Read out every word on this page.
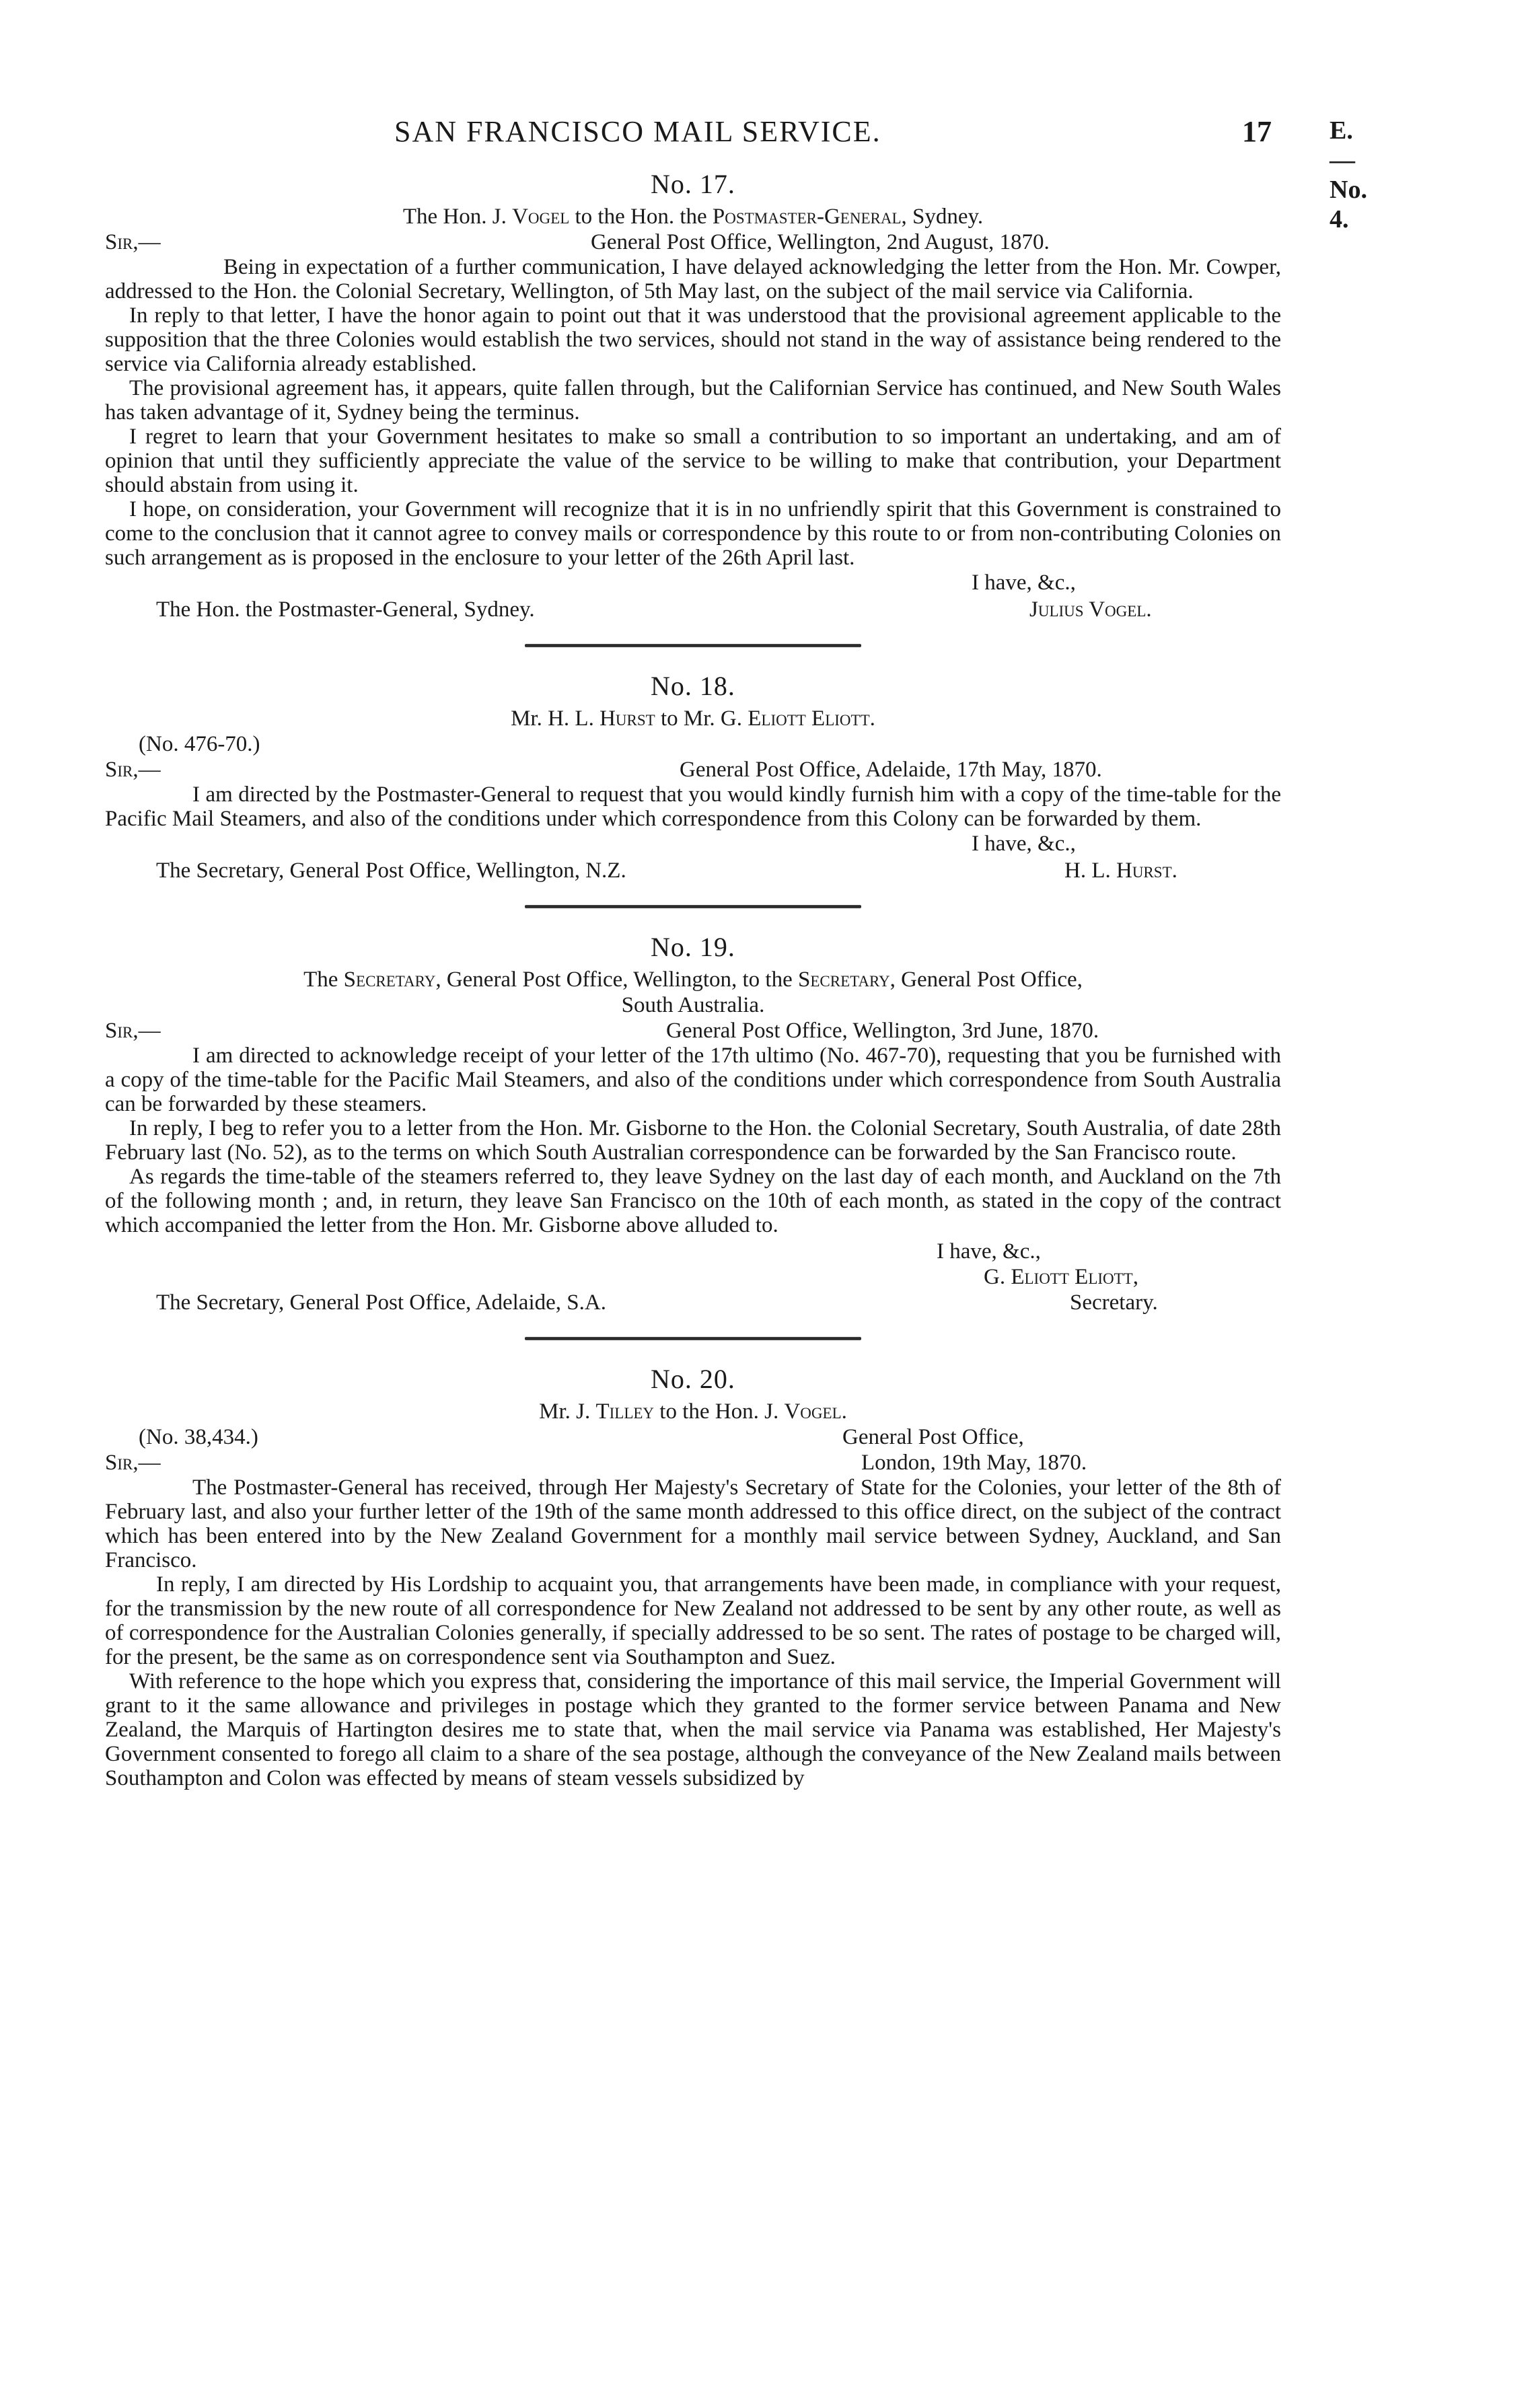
SAN FRANCISCO MAIL SERVICE.	17 E.—No. 4.
No. 17.
The Hon. J. Vogel to the Hon. the Postmaster-General, Sydney.
Sir,—	General Post Office, Wellington, 2nd August, 1870.

Being in expectation of a further communication, I have delayed acknowledging the letter from the Hon. Mr. Cowper, addressed to the Hon. the Colonial Secretary, Wellington, of 5th May last, on the subject of the mail service via California.

In reply to that letter, I have the honor again to point out that it was understood that the provisional agreement applicable to the supposition that the three Colonies would establish the two services, should not stand in the way of assistance being rendered to the service via California already established.

The provisional agreement has, it appears, quite fallen through, but the Californian Service has continued, and New South Wales has taken advantage of it, Sydney being the terminus.

I regret to learn that your Government hesitates to make so small a contribution to so important an undertaking, and am of opinion that until they sufficiently appreciate the value of the service to be willing to make that contribution, your Department should abstain from using it.

I hope, on consideration, your Government will recognize that it is in no unfriendly spirit that this Government is constrained to come to the conclusion that it cannot agree to convey mails or correspondence by this route to or from non-contributing Colonies on such arrangement as is proposed in the enclosure to your letter of the 26th April last.

I have, &c.,
The Hon. the Postmaster-General, Sydney.	Julius Vogel.
No. 18.
Mr. H. L. Hurst to Mr. G. Eliott Eliott.
(No. 476-70.)
Sir,—	General Post Office, Adelaide, 17th May, 1870.

I am directed by the Postmaster-General to request that you would kindly furnish him with a copy of the time-table for the Pacific Mail Steamers, and also of the conditions under which correspondence from this Colony can be forwarded by them.

I have, &c.,
The Secretary, General Post Office, Wellington, N.Z.	H. L. Hurst.
No. 19.
The Secretary, General Post Office, Wellington, to the Secretary, General Post Office,
South Australia.
Sir,—	General Post Office, Wellington, 3rd June, 1870.

I am directed to acknowledge receipt of your letter of the 17th ultimo (No. 467-70), requesting that you be furnished with a copy of the time-table for the Pacific Mail Steamers, and also of the conditions under which correspondence from South Australia can be forwarded by these steamers.

In reply, I beg to refer you to a letter from the Hon. Mr. Gisborne to the Hon. the Colonial Secretary, South Australia, of date 28th February last (No. 52), as to the terms on which South Australian correspondence can be forwarded by the San Francisco route.

As regards the time-table of the steamers referred to, they leave Sydney on the last day of each month, and Auckland on the 7th of the following month ; and, in return, they leave San Francisco on the 10th of each month, as stated in the copy of the contract which accompanied the letter from the Hon. Mr. Gisborne above alluded to.

I have, &c.,
G. Eliott Eliott,
The Secretary, General Post Office, Adelaide, S.A.	Secretary.
No. 20.
Mr. J. Tilley to the Hon. J. Vogel.
(No. 38,434.)	General Post Office,
Sir,—	London, 19th May, 1870.

The Postmaster-General has received, through Her Majesty's Secretary of State for the Colonies, your letter of the 8th of February last, and also your further letter of the 19th of the same month addressed to this office direct, on the subject of the contract which has been entered into by the New Zealand Government for a monthly mail service between Sydney, Auckland, and San Francisco.

In reply, I am directed by His Lordship to acquaint you, that arrangements have been made, in compliance with your request, for the transmission by the new route of all correspondence for New Zealand not addressed to be sent by any other route, as well as of correspondence for the Australian Colonies generally, if specially addressed to be so sent. The rates of postage to be charged will, for the present, be the same as on correspondence sent via Southampton and Suez.

With reference to the hope which you express that, considering the importance of this mail service, the Imperial Government will grant to it the same allowance and privileges in postage which they granted to the former service between Panama and New Zealand, the Marquis of Hartington desires me to state that, when the mail service via Panama was established, Her Majesty's Government consented to forego all claim to a share of the sea postage, although the conveyance of the New Zealand mails between Southampton and Colon was effected by means of steam vessels subsidized by
